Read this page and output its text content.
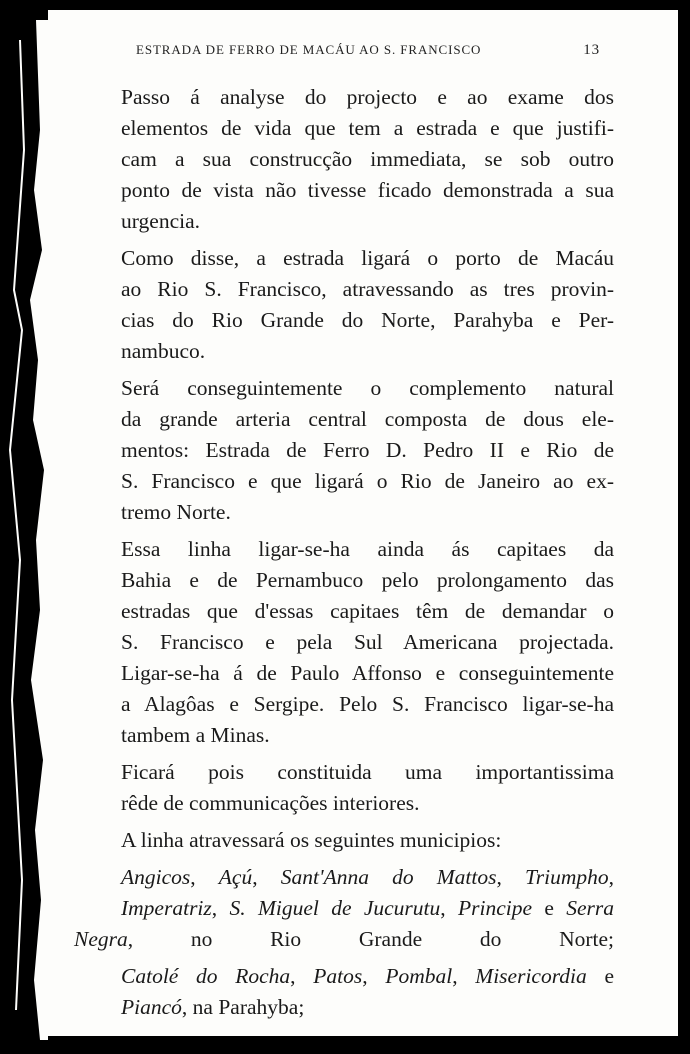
ESTRADA DE FERRO DE MACÁU AO S. FRANCISCO	13

Passo á analyse do projecto e ao exame dos
elementos de vida que tem a estrada e que justifi-
cam a sua construcção immediata, se sob outro
ponto de vista não tivesse ficado demonstrada a sua
urgencia.

Como disse, a estrada ligará o porto de Macáu
ao Rio S. Francisco, atravessando as tres provin-
cias do Rio Grande do Norte, Parahyba e Per-
nambuco.

Será conseguintemente o complemento natural
da grande arteria central composta de dous ele-
mentos: Estrada de Ferro D. Pedro II e Rio de
S. Francisco e que ligará o Rio de Janeiro ao ex-
tremo Norte.

Essa linha ligar-se-ha ainda ás capitaes da
Bahia e de Pernambuco pelo prolongamento das
estradas que d'essas capitaes têm de demandar o
S. Francisco e pela Sul Americana projectada.
Ligar-se-ha á de Paulo Affonso e conseguintemente
a Alagôas e Sergipe. Pelo S. Francisco ligar-se-ha
tambem a Minas.

Ficará pois constituida uma importantissima
rêde de communicações interiores.

A linha atravessará os seguintes municipios:

Angicos, Açú, Sant'Anna do Mattos, Triumpho,
Imperatriz, S. Miguel de Jucurutu, Principe e Serra Negra,	no Rio Grande do Norte;

Catolé do Rocha, Patos, Pombal, Misericordia e
Piancó, na Parahyba;
